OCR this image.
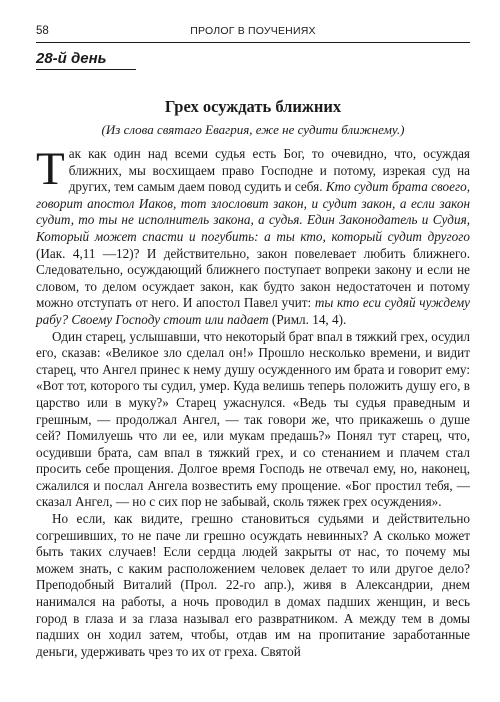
58	ПРОЛОГ В ПОУЧЕНИЯХ
28-й день
Грех осуждать ближних
(Из слова святаго Евагрия, еже не судити ближнему.)

Так как один над всеми судья есть Бог, то очевидно, что, осуждая ближних, мы восхищаем право Господне и потому, изрекая суд на других, тем самым даем повод судить и себя. Кто судит брата своего, говорит апостол Иаков, тот злословит закон, и судит закон, а если закон судит, то ты не исполнитель закона, а судья. Един Законодатель и Судия, Который может спасти и погубить: а ты кто, который судит другого (Иак. 4,11 —12)? И действительно, закон повелевает любить ближнего. Следовательно, осуждающий ближнего поступает вопреки закону и если не словом, то делом осуждает закон, как будто закон недостаточен и потому можно отступать от него. И апостол Павел учит: ты кто еси судяй чуждему рабу? Своему Господу стоит или падает (Римл. 14, 4).

Один старец, услышавши, что некоторый брат впал в тяжкий грех, осудил его, сказав: «Великое зло сделал он!» Прошло несколько времени, и видит старец, что Ангел принес к нему душу осужденного им брата и говорит ему: «Вот тот, которого ты судил, умер. Куда велишь теперь положить душу его, в царство или в муку?» Старец ужаснулся. «Ведь ты судья праведным и грешным, — продолжал Ангел, — так говори же, что прикажешь о душе сей? Помилуешь что ли ее, или мукам предашь?» Понял тут старец, что, осудивши брата, сам впал в тяжкий грех, и со стенанием и плачем стал просить себе прощения. Долгое время Господь не отвечал ему, но, наконец, сжалился и послал Ангела возвестить ему прощение. «Бог простил тебя, — сказал Ангел, — но с сих пор не забывай, сколь тяжек грех осуждения».

Но если, как видите, грешно становиться судьями и действительно согрешивших, то не паче ли грешно осуждать невинных? А сколько может быть таких случаев! Если сердца людей закрыты от нас, то почему мы можем знать, с каким расположением человек делает то или другое дело? Преподобный Виталий (Прол. 22-го апр.), живя в Александрии, днем нанимался на работы, а ночь проводил в домах падших женщин, и весь город в глаза и за глаза называл его развратником. А между тем в домы падших он ходил затем, чтобы, отдав им на пропитание заработанные деньги, удерживать чрез то их от греха. Святой
